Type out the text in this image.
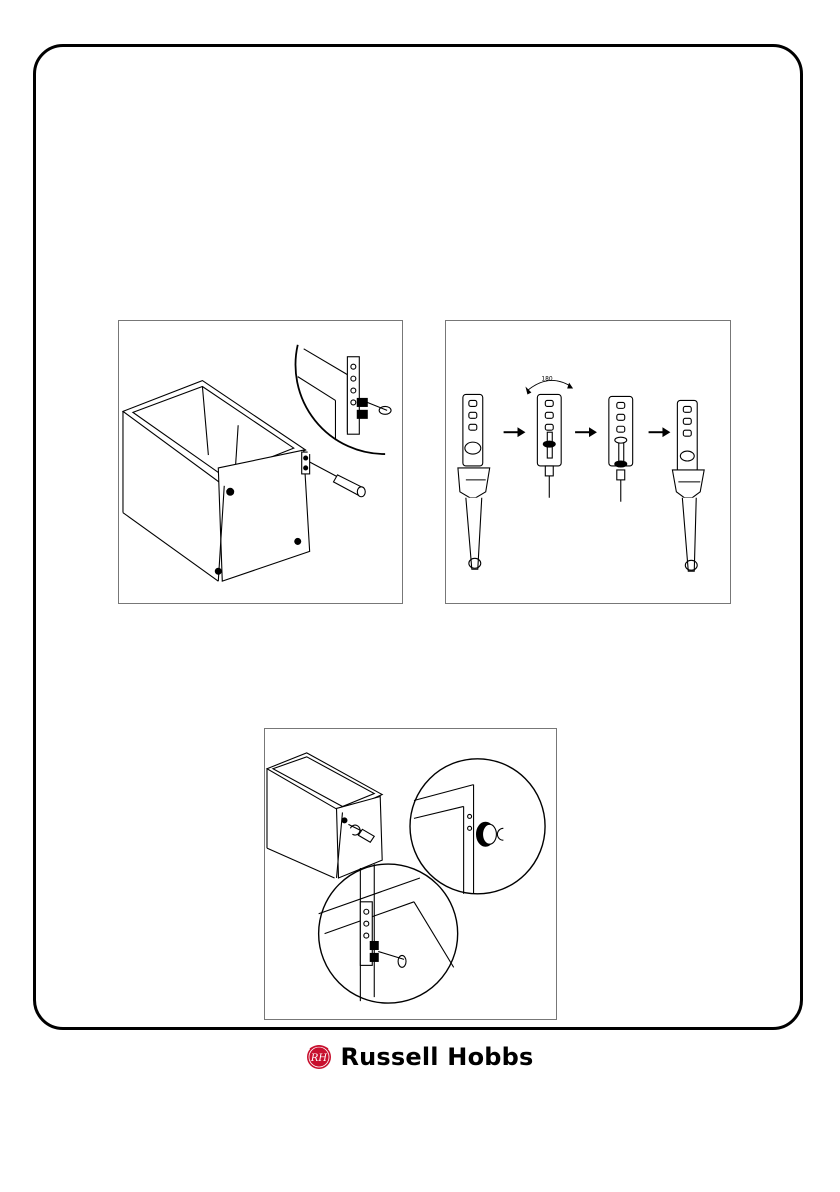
180
RH Russell Hobbs
